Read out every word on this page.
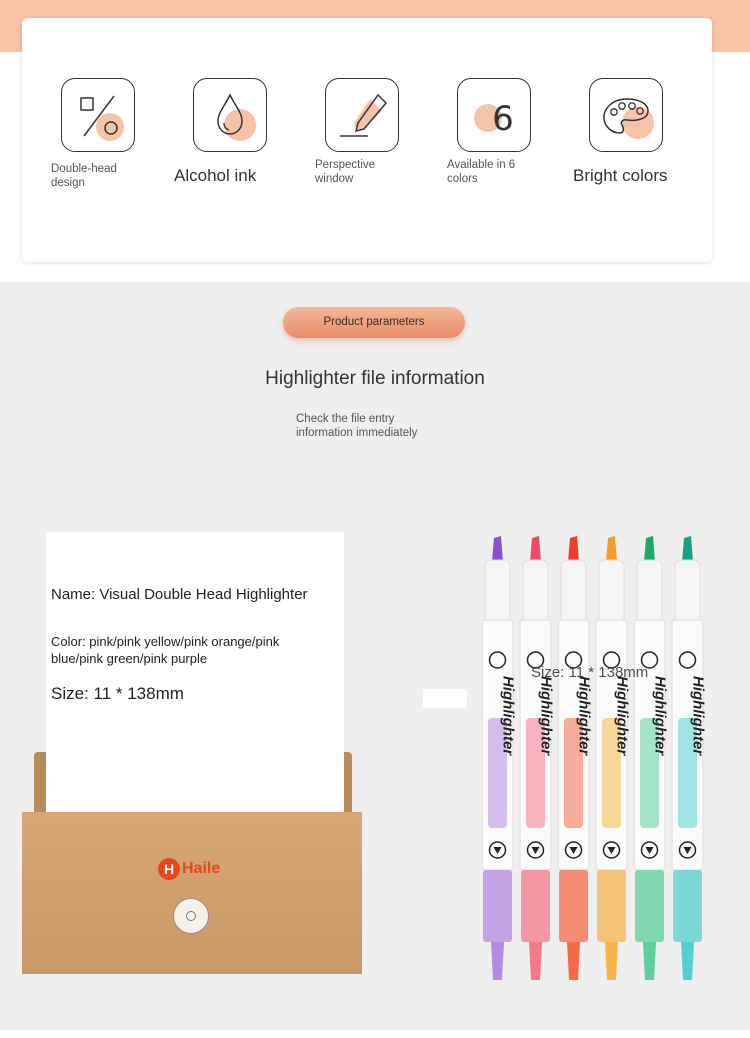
Double-head
design	Alcohol ink
Perspective
window
6
Available in 6
colors	Bright colors
Product parameters
Highlighter file information
Check the file entry
information immediately
Name: Visual Double Head Highlighter
Color: pink/pink yellow/pink orange/pink
blue/pink green/pink purple
Size: 11 * 138mm
H Haile
Highlighter Highlighter Highlighter Highlighter Highlighter Highlighter
Size: 11 * 138mm
